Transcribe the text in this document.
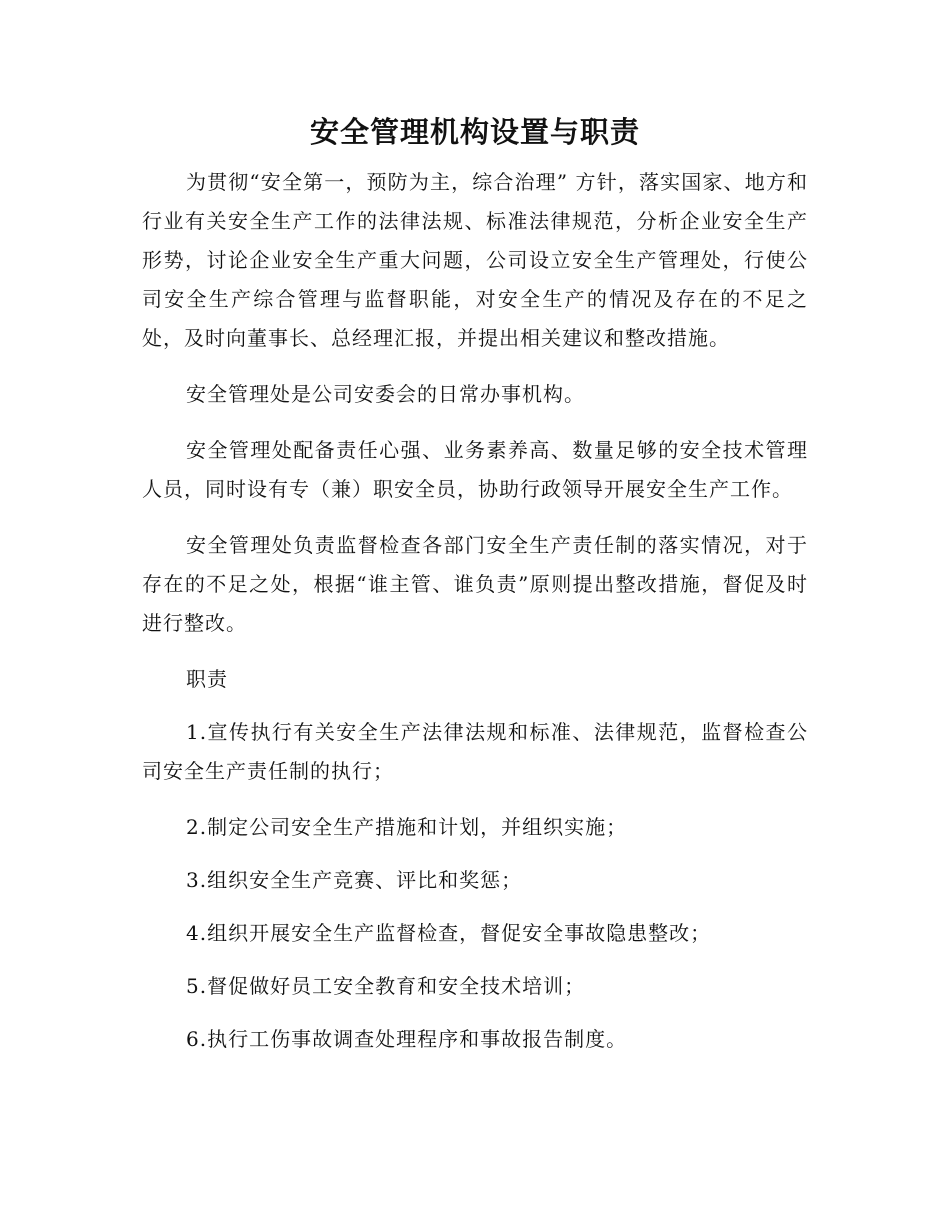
安全管理机构设置与职责

为贯彻“安全第一，预防为主，综合治理” 方针，落实国家、地方和行业有关安全生产工作的法律法规、标准法律规范，分析企业安全生产形势，讨论企业安全生产重大问题，公司设立安全生产管理处，行使公司安全生产综合管理与监督职能，对安全生产的情况及存在的不足之处，及时向董事长、总经理汇报，并提出相关建议和整改措施。

安全管理处是公司安委会的日常办事机构。

安全管理处配备责任心强、业务素养高、数量足够的安全技术管理人员，同时设有专（兼）职安全员，协助行政领导开展安全生产工作。

安全管理处负责监督检查各部门安全生产责任制的落实情况，对于存在的不足之处，根据“谁主管、谁负责”原则提出整改措施，督促及时进行整改。

职责

1.宣传执行有关安全生产法律法规和标准、法律规范，监督检查公司安全生产责任制的执行；

2.制定公司安全生产措施和计划，并组织实施；

3.组织安全生产竞赛、评比和奖惩；

4.组织开展安全生产监督检查，督促安全事故隐患整改；

5.督促做好员工安全教育和安全技术培训；

6.执行工伤事故调查处理程序和事故报告制度。
